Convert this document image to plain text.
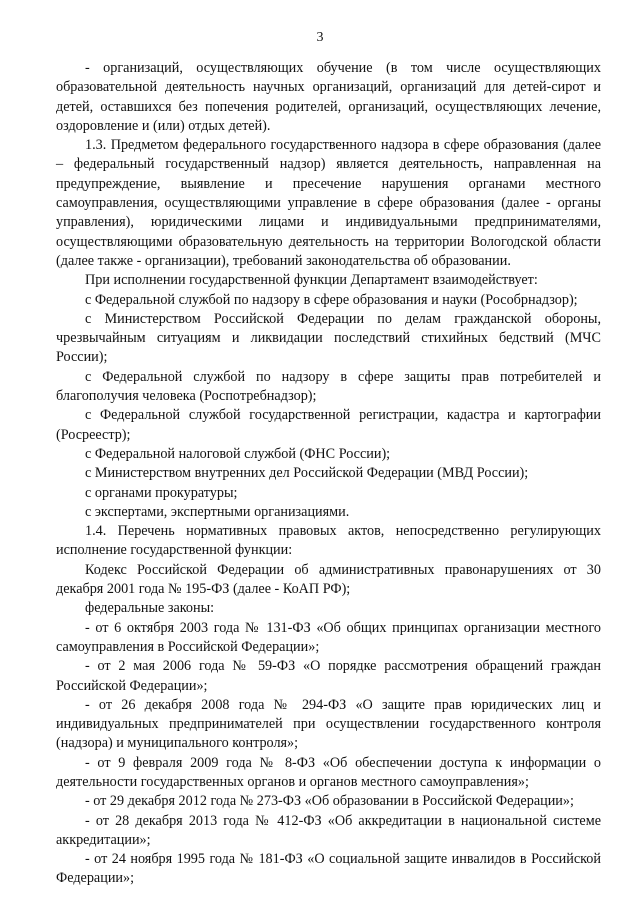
3

- организаций, осуществляющих обучение (в том числе осуществляющих образовательной деятельность научных организаций, организаций для детей-сирот и детей, оставшихся без попечения родителей, организаций, осуществляющих лечение, оздоровление и (или) отдых детей).

1.3. Предметом федерального государственного надзора в сфере образования (далее – федеральный государственный надзор) является деятельность, направленная на предупреждение, выявление и пресечение нарушения органами местного самоуправления, осуществляющими управление в сфере образования (далее - органы управления), юридическими лицами и индивидуальными предпринимателями, осуществляющими образовательную деятельность на территории Вологодской области (далее также - организации), требований законодательства об образовании.

При исполнении государственной функции Департамент взаимодействует:

с Федеральной службой по надзору в сфере образования и науки (Рособрнадзор);

с Министерством Российской Федерации по делам гражданской обороны, чрезвычайным ситуациям и ликвидации последствий стихийных бедствий (МЧС России);

с Федеральной службой по надзору в сфере защиты прав потребителей и благополучия человека (Роспотребнадзор);

с Федеральной службой государственной регистрации, кадастра и картографии (Росреестр);

с Федеральной налоговой службой (ФНС России);

с Министерством внутренних дел Российской Федерации (МВД России);

с органами прокуратуры;

с экспертами, экспертными организациями.

1.4. Перечень нормативных правовых актов, непосредственно регулирующих исполнение государственной функции:

Кодекс Российской Федерации об административных правонарушениях от 30 декабря 2001 года № 195-ФЗ (далее - КоАП РФ);

федеральные законы:

- от 6 октября 2003 года № 131-ФЗ «Об общих принципах организации местного самоуправления в Российской Федерации»;

- от 2 мая 2006 года № 59-ФЗ «О порядке рассмотрения обращений граждан Российской Федерации»;

- от 26 декабря 2008 года № 294-ФЗ «О защите прав юридических лиц и индивидуальных предпринимателей при осуществлении государственного контроля (надзора) и муниципального контроля»;

- от 9 февраля 2009 года № 8-ФЗ «Об обеспечении доступа к информации о деятельности государственных органов и органов местного самоуправления»;

- от 29 декабря 2012 года № 273-ФЗ «Об образовании в Российской Федерации»;

- от 28 декабря 2013 года № 412-ФЗ «Об аккредитации в национальной системе аккредитации»;

- от 24 ноября 1995 года № 181-ФЗ «О социальной защите инвалидов в Российской Федерации»;
